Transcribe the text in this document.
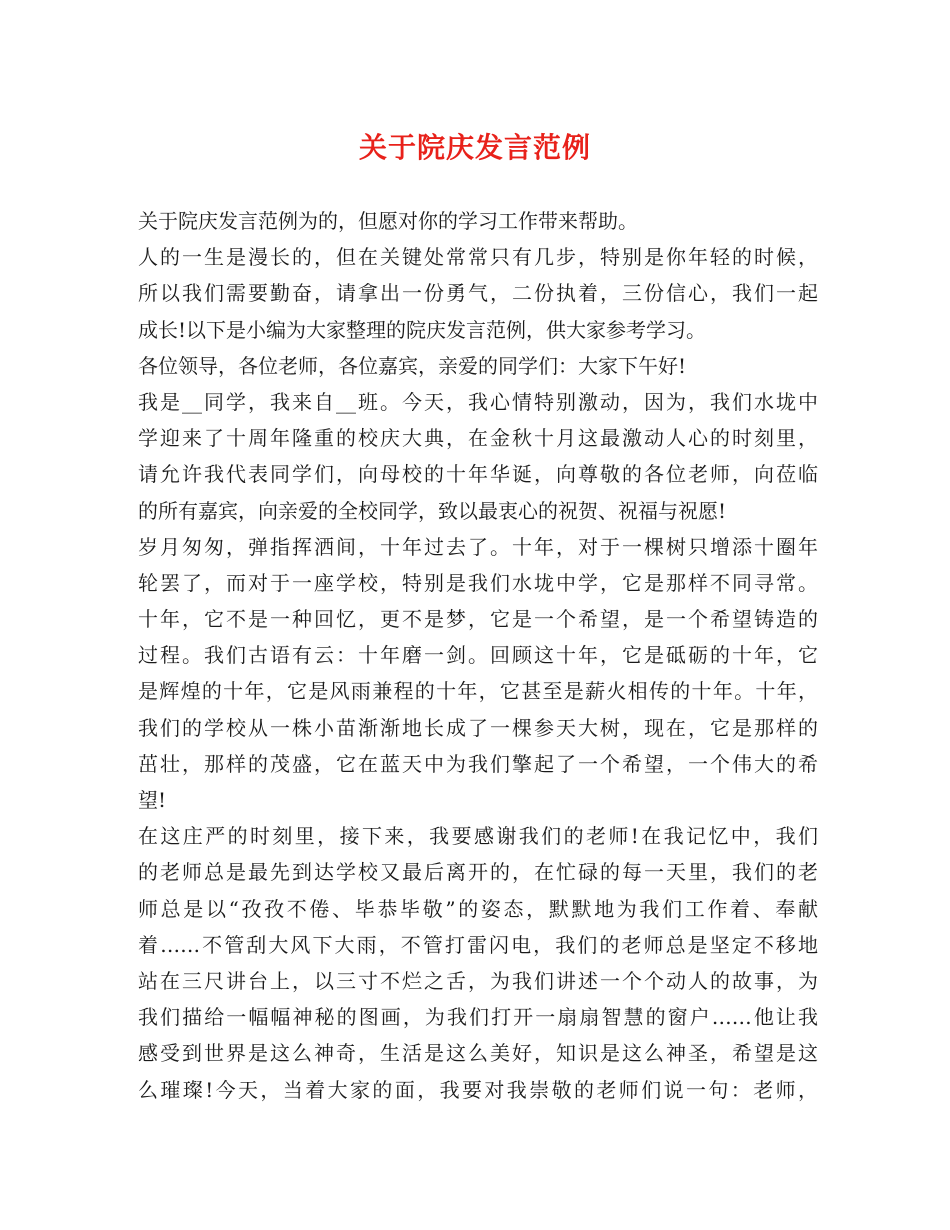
关于院庆发言范例
关于院庆发言范例为的，但愿对你的学习工作带来帮助。
人的一生是漫长的，但在关键处常常只有几步，特别是你年轻的时候，
所以我们需要勤奋，请拿出一份勇气，二份执着，三份信心，我们一起
成长!以下是小编为大家整理的院庆发言范例，供大家参考学习。
各位领导，各位老师，各位嘉宾，亲爱的同学们：大家下午好!
我是__同学，我来自__班。今天，我心情特别激动，因为，我们水垅中
学迎来了十周年隆重的校庆大典，在金秋十月这最激动人心的时刻里，
请允许我代表同学们，向母校的十年华诞，向尊敬的各位老师，向莅临
的所有嘉宾，向亲爱的全校同学，致以最衷心的祝贺、祝福与祝愿!
岁月匆匆，弹指挥洒间，十年过去了。十年，对于一棵树只增添十圈年
轮罢了，而对于一座学校，特别是我们水垅中学，它是那样不同寻常。
十年，它不是一种回忆，更不是梦，它是一个希望，是一个希望铸造的
过程。我们古语有云：十年磨一剑。回顾这十年，它是砥砺的十年，它
是辉煌的十年，它是风雨兼程的十年，它甚至是薪火相传的十年。十年，
我们的学校从一株小苗渐渐地长成了一棵参天大树，现在，它是那样的
茁壮，那样的茂盛，它在蓝天中为我们擎起了一个希望，一个伟大的希
望!
在这庄严的时刻里，接下来，我要感谢我们的老师!在我记忆中，我们
的老师总是最先到达学校又最后离开的，在忙碌的每一天里，我们的老
师总是以“孜孜不倦、毕恭毕敬”的姿态，默默地为我们工作着、奉献
着……不管刮大风下大雨，不管打雷闪电，我们的老师总是坚定不移地
站在三尺讲台上，以三寸不烂之舌，为我们讲述一个个动人的故事，为
我们描给一幅幅神秘的图画，为我们打开一扇扇智慧的窗户……他让我
感受到世界是这么神奇，生活是这么美好，知识是这么神圣，希望是这
么璀璨!今天，当着大家的面，我要对我崇敬的老师们说一句：老师，
